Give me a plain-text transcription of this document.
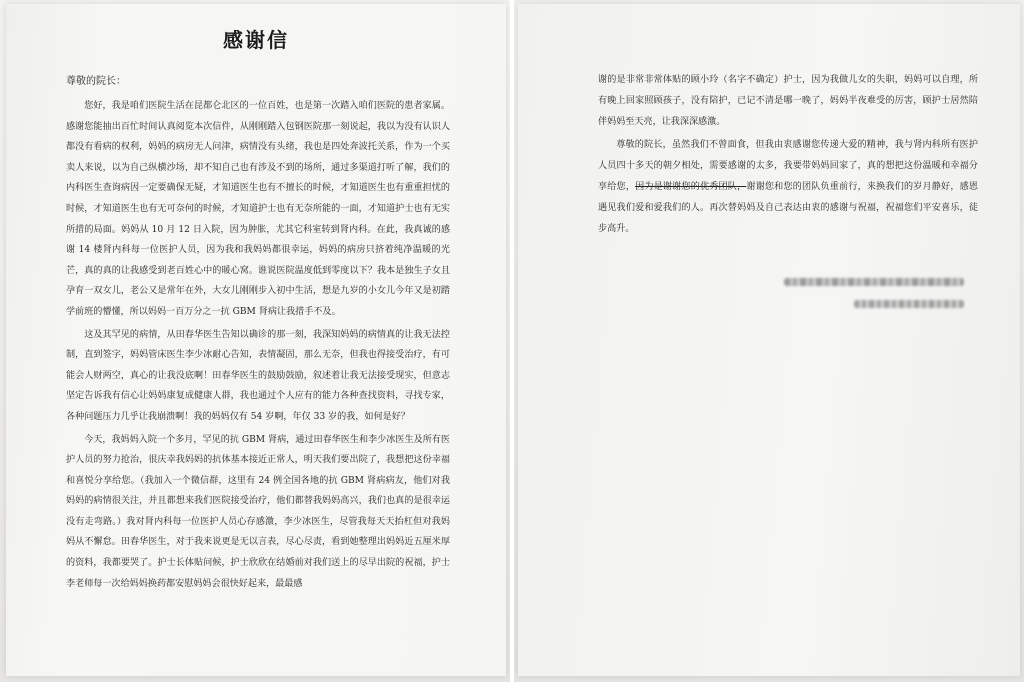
感谢信
尊敬的院长：

您好，我是咱们医院生活在昆都仑北区的一位百姓，也是第一次踏入咱们医院的患者家属。感谢您能抽出百忙时间认真阅览本次信件，从刚刚踏入包钢医院那一刻说起，我以为没有认识人都没有看病的权利，妈妈的病房无人问津，病情没有头绪，我也是四处奔波托关系，作为一个买卖人来说，以为自己纵横沙场，却不知自己也有涉及不到的场所，通过多渠道打听了解，我们的内科医生查询病因一定要确保无疑，才知道医生也有不擅长的时候，才知道医生也有重重担忧的时候，才知道医生也有无可奈何的时候，才知道护士也有无奈所能的一面，才知道护士也有无实所措的局面。妈妈从 10 月 12 日入院，因为肿胀，尤其它科室转到肾内科。在此，我真诚的感谢 14 楼肾内科每一位医护人员，因为我和我妈妈都很幸运，妈妈的病房只挤着纯净温暖的光芒，真的真的让我感受到老百姓心中的暖心窝。谁说医院温度低到零度以下？我本是独生子女且孕育一双女儿，老公又是常年在外，大女儿刚刚步入初中生活，想是九岁的小女儿今年又是初踏学前班的懵懂，所以妈妈一百万分之一抗 GBM 肾病让我措手不及。

这及其罕见的病情，从田春华医生告知以确诊的那一刻，我深知妈妈的病情真的让我无法控制，直到签字，妈妈管床医生李少冰耐心告知，表情凝固，那么无奈，但我也得接受治疗，有可能会人财两空，真心的让我没底啊！田春华医生的鼓励鼓励，叙述着让我无法接受现实，但意志坚定告诉我有信心让妈妈康复成健康人群，我也通过个人应有的能力各种查找资料，寻找专家，各种问题压力几乎让我崩溃啊！我的妈妈仅有 54 岁啊，年仅 33 岁的我，如何是好？

今天，我妈妈入院一个多月，罕见的抗 GBM 肾病，通过田春华医生和李少冰医生及所有医护人员的努力抢治，很庆幸我妈妈的抗体基本接近正常人，明天我们要出院了，我想把这份幸福和喜悦分享给您。（我加入一个微信群，这里有 24 例全国各地的抗 GBM 肾病病友，他们对我妈妈的病情很关注，并且都想来我们医院接受治疗，他们都替我妈妈高兴，我们也真的是很幸运没有走弯路。）我对肾内科每一位医护人员心存感激，李少冰医生，尽管我每天天抬杠但对我妈妈从不懈怠。田春华医生，对于我来说更是无以言表，尽心尽责，看到她整理出妈妈近五厘米厚的资料，我都要哭了。护士长体贴问候，护士欣欣在结婚前对我们送上的尽早出院的祝福，护士李老师每一次给妈妈换药都安慰妈妈会很快好起来，最最感

谢的是非常非常体贴的顾小玲（名字不确定）护士，因为我做儿女的失职，妈妈可以自理，所有晚上回家照顾孩子，没有陪护，已记不清是哪一晚了，妈妈半夜难受的厉害，顾护士居然陪伴妈妈至天亮，让我深深感激。

尊敬的院长，虽然我们不曾面食，但我由衷感谢您传递大爱的精神，我与肾内科所有医护人员四十多天的朝夕相处，需要感谢的太多，我要带妈妈回家了，真的想把这份温暖和幸福分享给您，因为是谢谢您的优秀团队，谢谢您和您的团队负重前行，来换我们的岁月静好，感恩遇见我们爱和爱我们的人。再次替妈妈及自己表达由衷的感谢与祝福，祝福您们平安喜乐，徒步高升。
